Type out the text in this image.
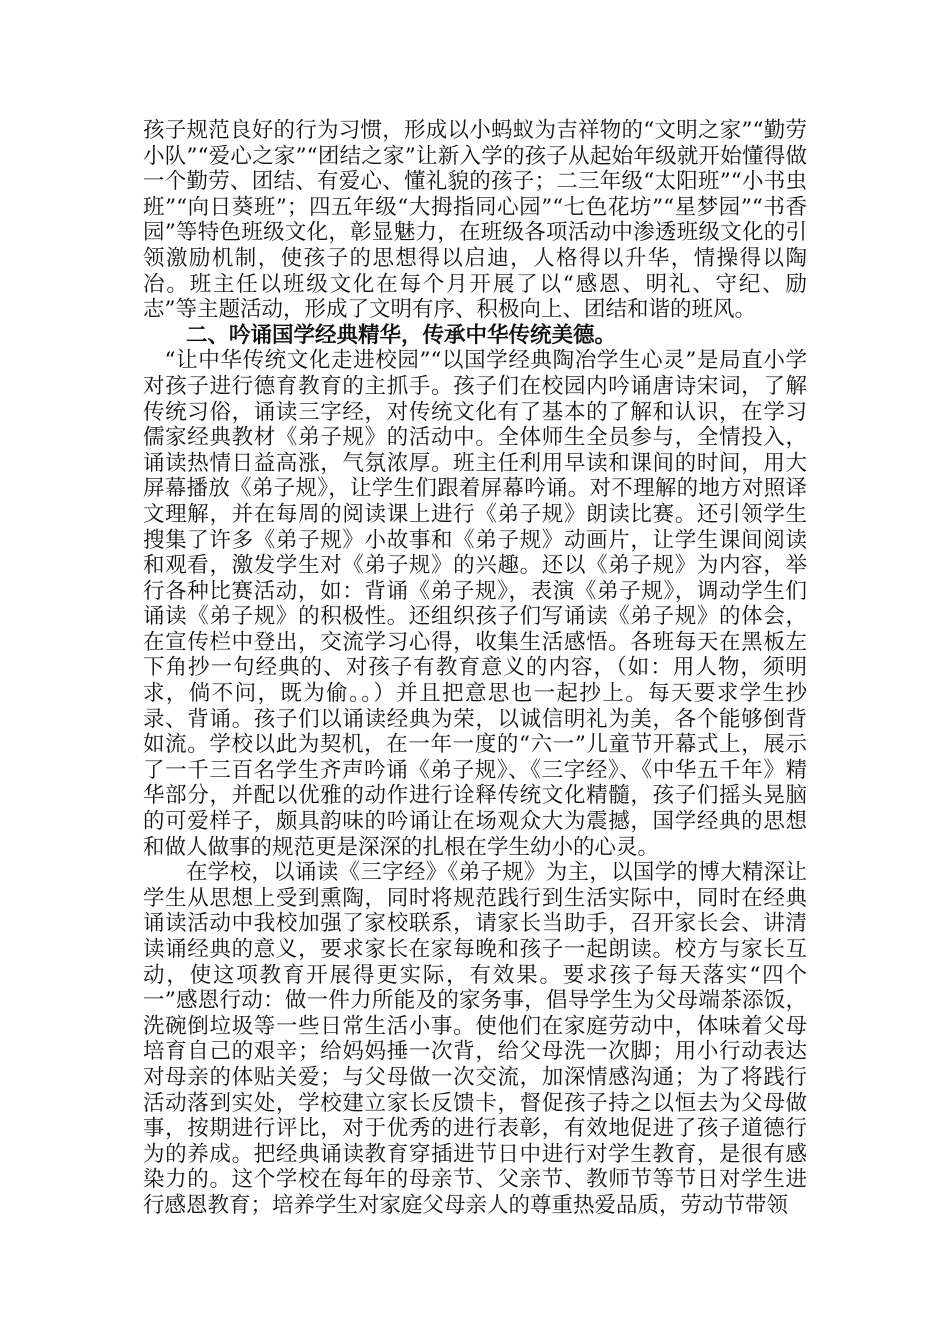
孩子规范良好的行为习惯，形成以小蚂蚁为吉祥物的“文明之家”“勤劳小队”“爱心之家”“团结之家”让新入学的孩子从起始年级就开始懂得做一个勤劳、团结、有爱心、懂礼貌的孩子；二三年级“太阳班”“小书虫班”“向日葵班”；四五年级“大拇指同心园”“七色花坊”“星梦园”“书香园”等特色班级文化，彰显魅力，在班级各项活动中渗透班级文化的引领激励机制，使孩子的思想得以启迪，人格得以升华，情操得以陶冶。班主任以班级文化在每个月开展了以“感恩、明礼、守纪、励志”等主题活动，形成了文明有序、积极向上、团结和谐的班风。

二、吟诵国学经典精华，传承中华传统美德。

“让中华传统文化走进校园”“以国学经典陶冶学生心灵”是局直小学对孩子进行德育教育的主抓手。孩子们在校园内吟诵唐诗宋词，了解传统习俗，诵读三字经，对传统文化有了基本的了解和认识，在学习儒家经典教材《弟子规》的活动中。全体师生全员参与，全情投入，诵读热情日益高涨，气氛浓厚。班主任利用早读和课间的时间，用大屏幕播放《弟子规》，让学生们跟着屏幕吟诵。对不理解的地方对照译文理解，并在每周的阅读课上进行《弟子规》朗读比赛。还引领学生搜集了许多《弟子规》小故事和《弟子规》动画片，让学生课间阅读和观看，激发学生对《弟子规》的兴趣。还以《弟子规》为内容，举行各种比赛活动，如：背诵《弟子规》，表演《弟子规》，调动学生们诵读《弟子规》的积极性。还组织孩子们写诵读《弟子规》的体会，在宣传栏中登出，交流学习心得，收集生活感悟。各班每天在黑板左下角抄一句经典的、对孩子有教育意义的内容，（如：用人物，须明求，倘不问，既为偷。。）并且把意思也一起抄上。每天要求学生抄录、背诵。孩子们以诵读经典为荣，以诚信明礼为美，各个能够倒背如流。学校以此为契机，在一年一度的“六一”儿童节开幕式上，展示了一千三百名学生齐声吟诵《弟子规》、《三字经》、《中华五千年》精华部分，并配以优雅的动作进行诠释传统文化精髓，孩子们摇头晃脑的可爱样子，颇具韵味的吟诵让在场观众大为震撼，国学经典的思想和做人做事的规范更是深深的扎根在学生幼小的心灵。

在学校，以诵读《三字经》《弟子规》为主，以国学的博大精深让学生从思想上受到熏陶，同时将规范践行到生活实际中，同时在经典诵读活动中我校加强了家校联系，请家长当助手，召开家长会、讲清读诵经典的意义，要求家长在家每晚和孩子一起朗读。校方与家长互动，使这项教育开展得更实际，有效果。要求孩子每天落实“四个一”感恩行动：做一件力所能及的家务事，倡导学生为父母端茶添饭，洗碗倒垃圾等一些日常生活小事。使他们在家庭劳动中，体味着父母培育自己的艰辛；给妈妈捶一次背，给父母洗一次脚；用小行动表达对母亲的体贴关爱；与父母做一次交流，加深情感沟通；为了将践行活动落到实处，学校建立家长反馈卡，督促孩子持之以恒去为父母做事，按期进行评比，对于优秀的进行表彰，有效地促进了孩子道德行为的养成。把经典诵读教育穿插进节日中进行对学生教育，是很有感染力的。这个学校在每年的母亲节、父亲节、教师节等节日对学生进行感恩教育；培养学生对家庭父母亲人的尊重热爱品质，劳动节带领
